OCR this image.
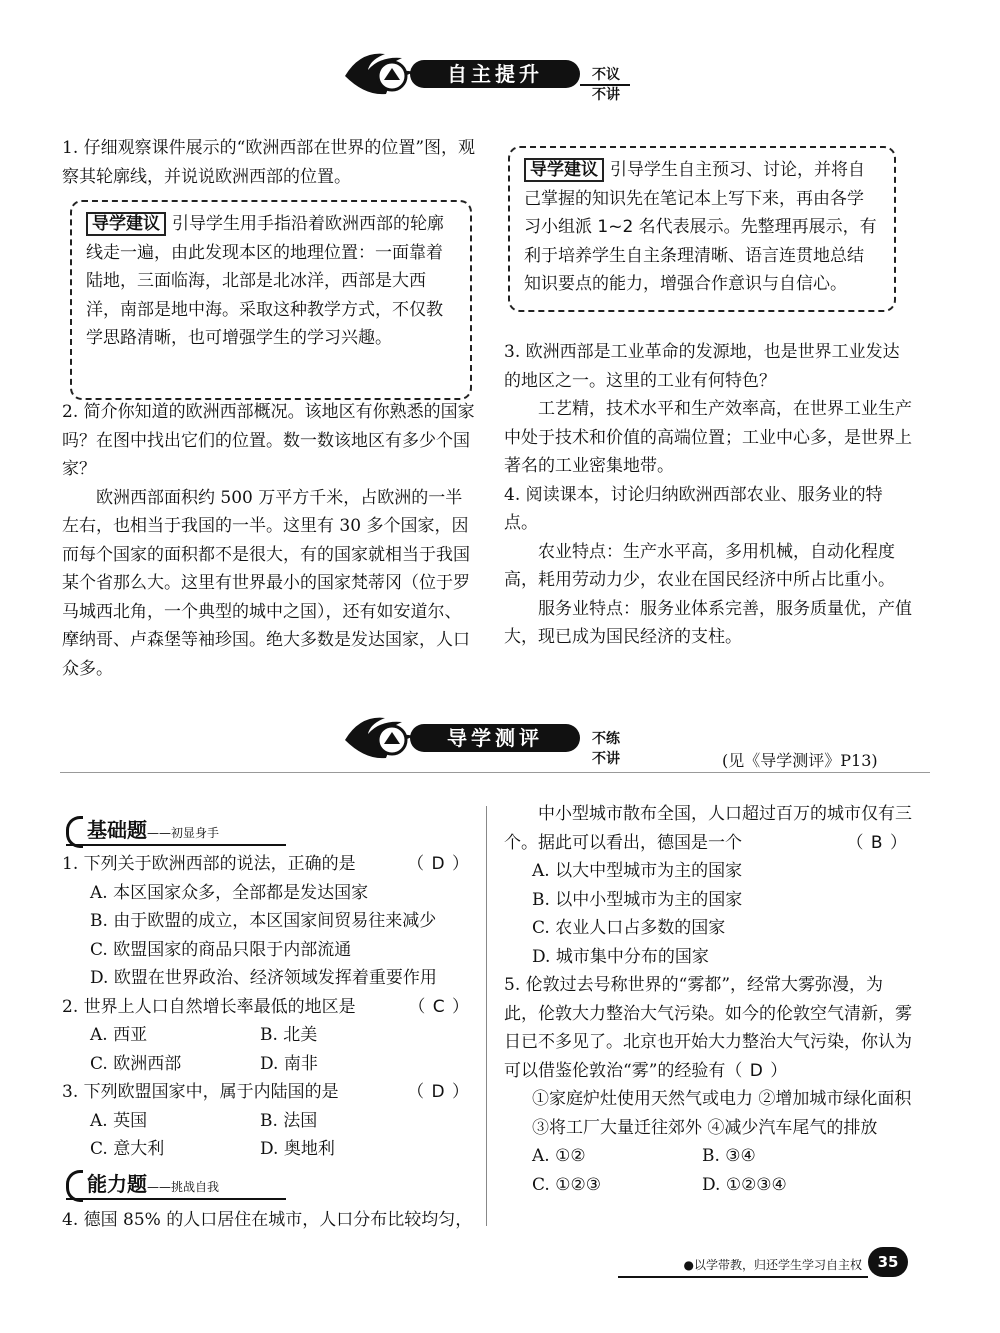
自主提升	不议不讲

1. 仔细观察课件展示的“欧洲西部在世界的位置”图，观察其轮廓线，并说说欧洲西部的位置。

导学建议 引导学生用手指沿着欧洲西部的轮廓线走一遍，由此发现本区的地理位置：一面靠着陆地，三面临海，北部是北冰洋，西部是大西洋，南部是地中海。采取这种教学方式，不仅教学思路清晰，也可增强学生的学习兴趣。

2. 简介你知道的欧洲西部概况。该地区有你熟悉的国家吗？在图中找出它们的位置。数一数该地区有多少个国家？

欧洲西部面积约 500 万平方千米，占欧洲的一半左右，也相当于我国的一半。这里有 30 多个国家，因而每个国家的面积都不是很大，有的国家就相当于我国某个省那么大。这里有世界最小的国家梵蒂冈（位于罗马城西北角，一个典型的城中之国），还有如安道尔、摩纳哥、卢森堡等袖珍国。绝大多数是发达国家，人口众多。

导学建议 引导学生自主预习、讨论，并将自己掌握的知识先在笔记本上写下来，再由各学习小组派 1~2 名代表展示。先整理再展示，有利于培养学生自主条理清晰、语言连贯地总结知识要点的能力，增强合作意识与自信心。

3. 欧洲西部是工业革命的发源地，也是世界工业发达的地区之一。这里的工业有何特色？

工艺精，技术水平和生产效率高，在世界工业生产中处于技术和价值的高端位置；工业中心多，是世界上著名的工业密集地带。

4. 阅读课本，讨论归纳欧洲西部农业、服务业的特点。

农业特点：生产水平高，多用机械，自动化程度高，耗用劳动力少，农业在国民经济中所占比重小。

服务业特点：服务业体系完善，服务质量优，产值大，现已成为国民经济的支柱。

导学测评	不练不讲	(见《导学测评》P13)
基础题——初显身手

1. 下列关于欧洲西部的说法，正确的是	（ D ）

A. 本区国家众多，全部都是发达国家

B. 由于欧盟的成立，本区国家间贸易往来减少

C. 欧盟国家的商品只限于内部流通

D. 欧盟在世界政治、经济领域发挥着重要作用

2. 世界上人口自然增长率最低的地区是	（ C ）

A. 西亚	B. 北美
C. 欧洲西部	D. 南非

3. 下列欧盟国家中，属于内陆国的是	（ D ）

A. 英国	B. 法国
C. 意大利	D. 奥地利
能力题——挑战自我

4. 德国 85% 的人口居住在城市，人口分布比较均匀，

中小型城市散布全国，人口超过百万的城市仅有三个。据此可以看出，德国是一个	（ B ）

A. 以大中型城市为主的国家

B. 以中小型城市为主的国家

C. 农业人口占多数的国家

D. 城市集中分布的国家

5. 伦敦过去号称世界的“雾都”，经常大雾弥漫，为此，伦敦大力整治大气污染。如今的伦敦空气清新，雾日已不多见了。北京也开始大力整治大气污染，你认为可以借鉴伦敦治“雾”的经验有（ D ）

①家庭炉灶使用天然气或电力 ②增加城市绿化面积 ③将工厂大量迁往郊外 ④减少汽车尾气的排放

A. ①②	B. ③④
C. ①②③	D. ①②③④
●以学带教，归还学生学习自主权	35
